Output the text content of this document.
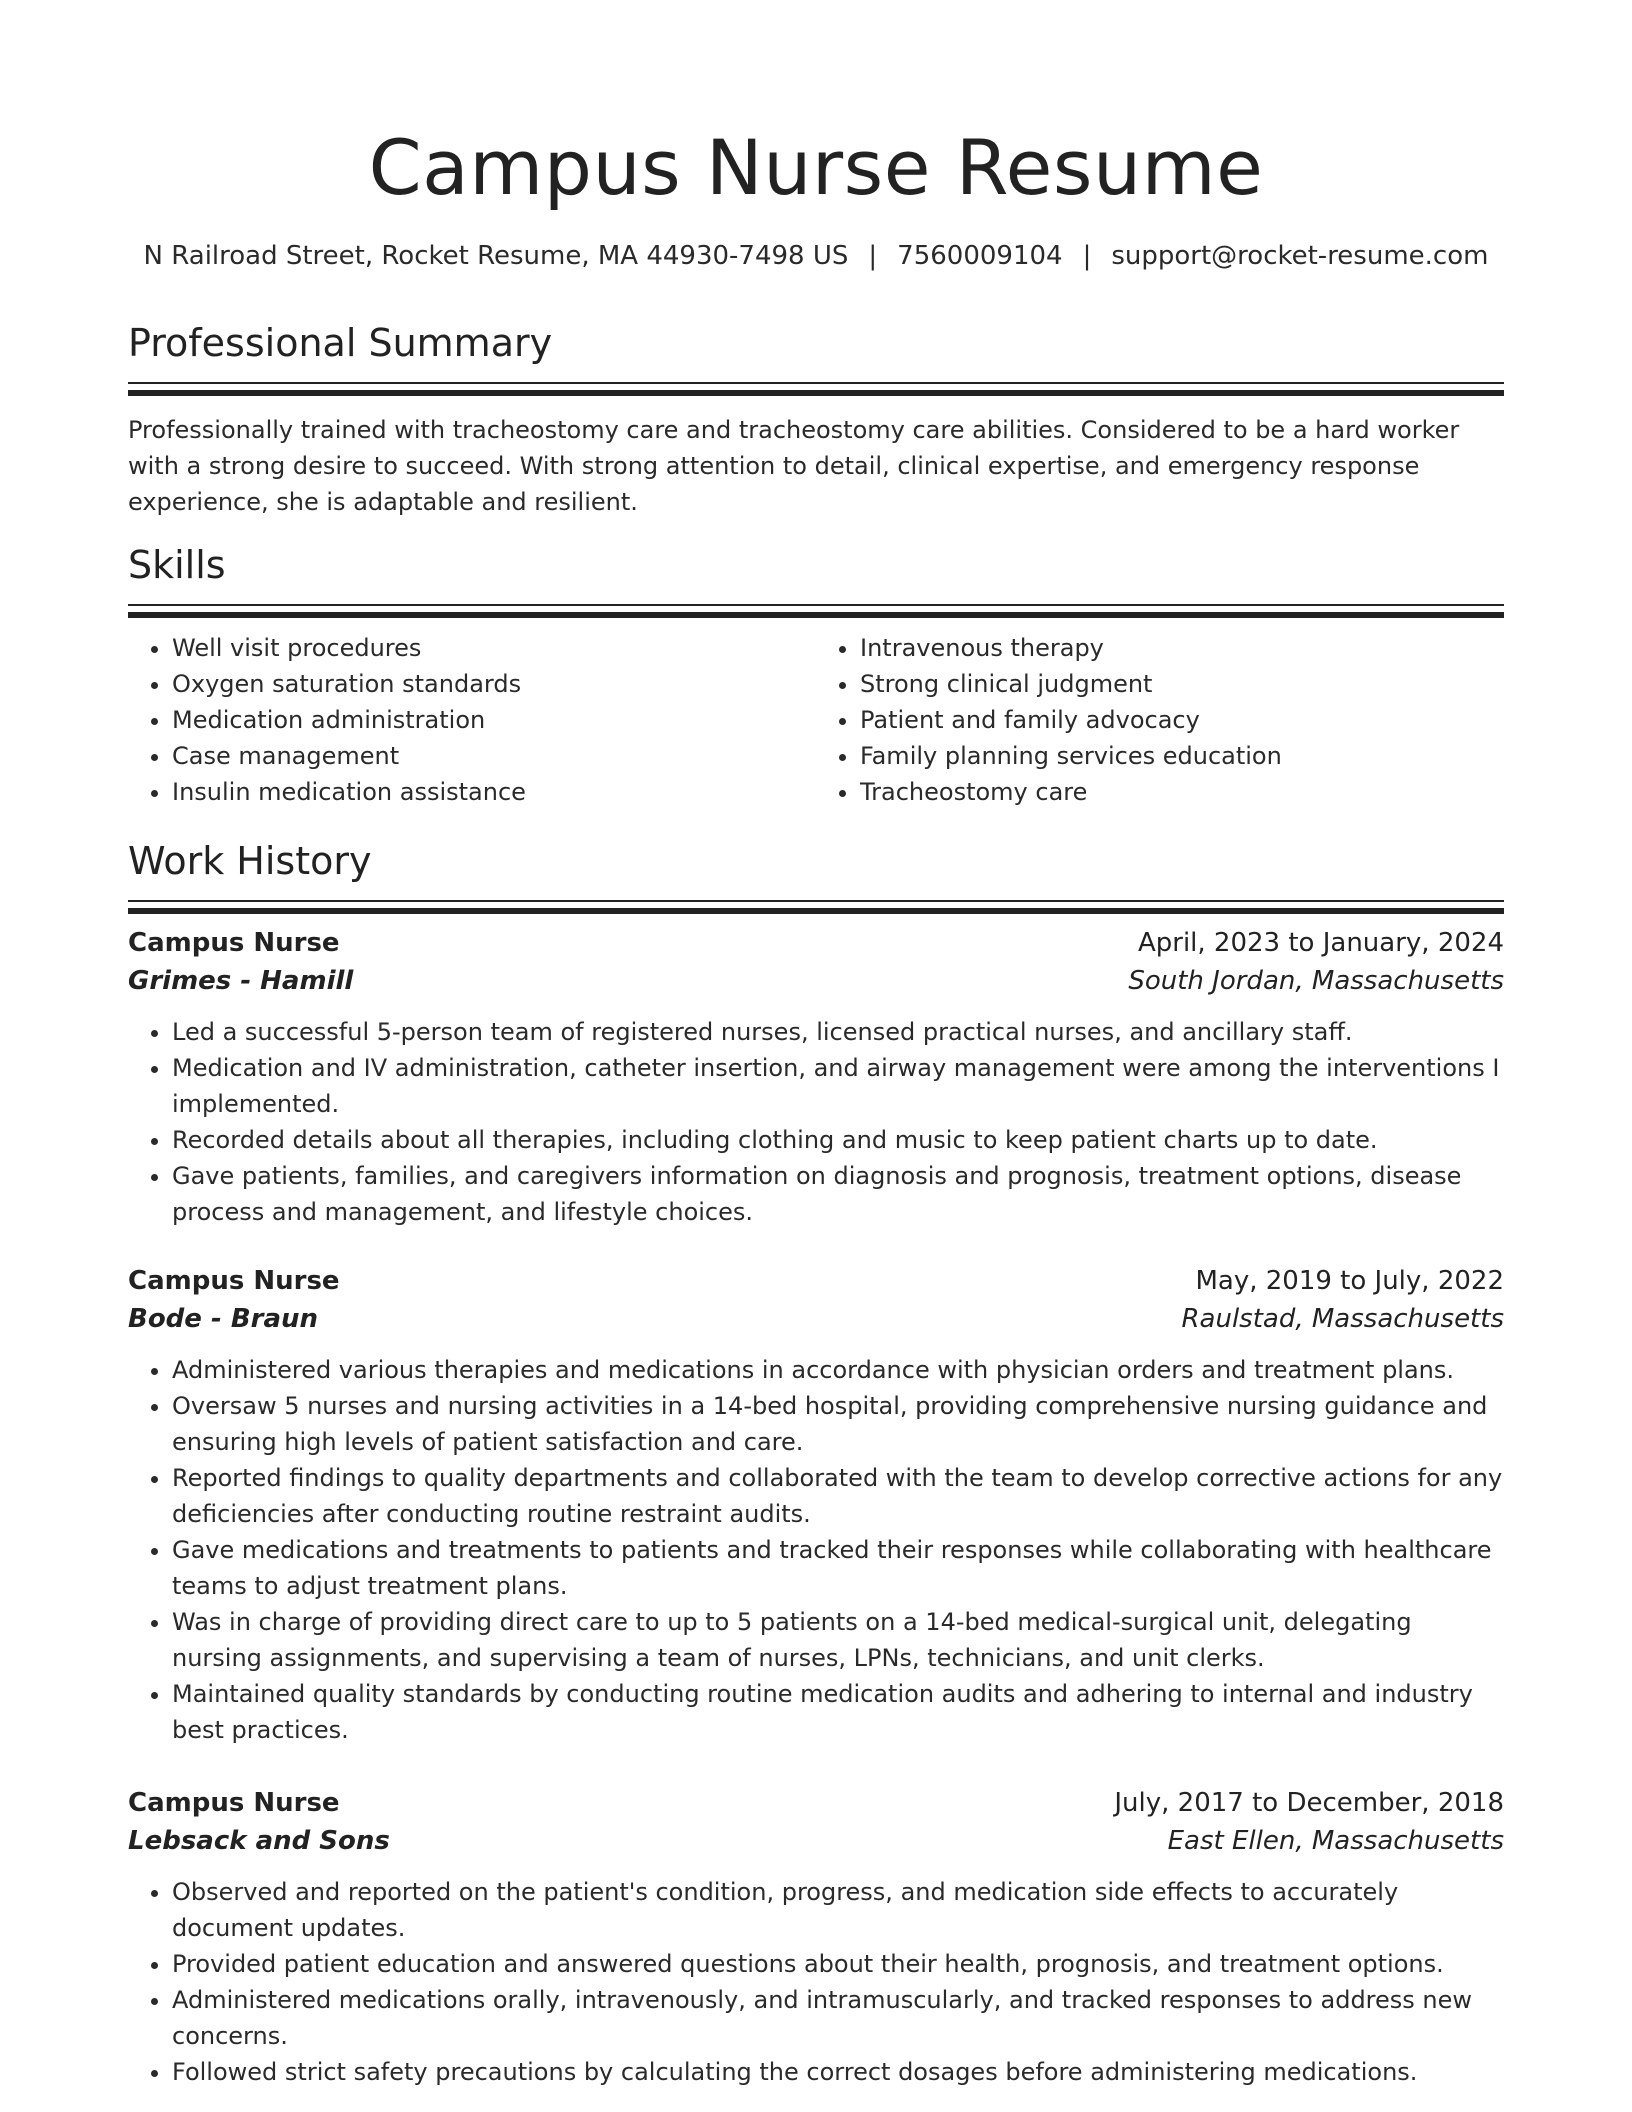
Campus Nurse Resume
N Railroad Street, Rocket Resume, MA 44930-7498 US | 7560009104 | support@rocket-resume.com
Professional Summary

Professionally trained with tracheostomy care and tracheostomy care abilities. Considered to be a hard worker with a strong desire to succeed. With strong attention to detail, clinical expertise, and emergency response experience, she is adaptable and resilient.

Skills
• Well visit procedures
• Oxygen saturation standards
• Medication administration
• Case management
• Insulin medication assistance
• Intravenous therapy
• Strong clinical judgment
• Patient and family advocacy
• Family planning services education
• Tracheostomy care
Work History
Campus Nurse	April, 2023 to January, 2024
Grimes - Hamill	South Jordan, Massachusetts
• Led a successful 5-person team of registered nurses, licensed practical nurses, and ancillary staff.
• Medication and IV administration, catheter insertion, and airway management were among the interventions I implemented.
• Recorded details about all therapies, including clothing and music to keep patient charts up to date.
• Gave patients, families, and caregivers information on diagnosis and prognosis, treatment options, disease process and management, and lifestyle choices.
Campus Nurse	May, 2019 to July, 2022
Bode - Braun	Raulstad, Massachusetts
• Administered various therapies and medications in accordance with physician orders and treatment plans.
• Oversaw 5 nurses and nursing activities in a 14-bed hospital, providing comprehensive nursing guidance and ensuring high levels of patient satisfaction and care.
• Reported findings to quality departments and collaborated with the team to develop corrective actions for any deficiencies after conducting routine restraint audits.
• Gave medications and treatments to patients and tracked their responses while collaborating with healthcare teams to adjust treatment plans.
• Was in charge of providing direct care to up to 5 patients on a 14-bed medical-surgical unit, delegating nursing assignments, and supervising a team of nurses, LPNs, technicians, and unit clerks.
• Maintained quality standards by conducting routine medication audits and adhering to internal and industry best practices.
Campus Nurse	July, 2017 to December, 2018
Lebsack and Sons	East Ellen, Massachusetts
• Observed and reported on the patient's condition, progress, and medication side effects to accurately document updates.
• Provided patient education and answered questions about their health, prognosis, and treatment options.
• Administered medications orally, intravenously, and intramuscularly, and tracked responses to address new concerns.
• Followed strict safety precautions by calculating the correct dosages before administering medications.
